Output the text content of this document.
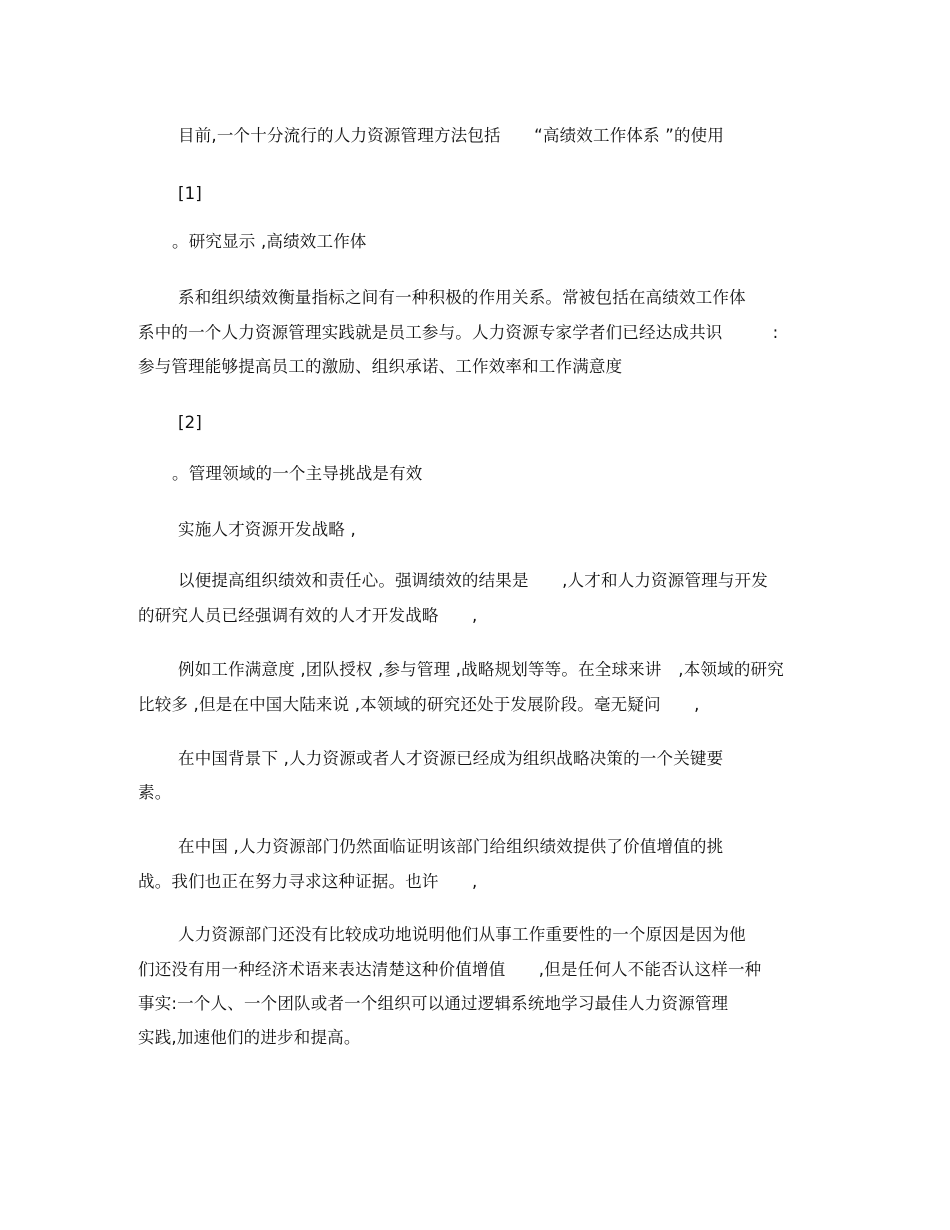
目前,一个十分流行的人力资源管理方法包括　　“高绩效工作体系 ”的使用
[1]
。研究显示 ,高绩效工作体
系和组织绩效衡量指标之间有一种积极的作用关系。常被包括在高绩效工作体
系中的一个人力资源管理实践就是员工参与。人力资源专家学者们已经达成共识　　　:
参与管理能够提高员工的激励、组织承诺、工作效率和工作满意度
[2]
。管理领域的一个主导挑战是有效
实施人才资源开发战略 ,
以便提高组织绩效和责任心。强调绩效的结果是　　,人才和人力资源管理与开发
的研究人员已经强调有效的人才开发战略　　,
例如工作满意度 ,团队授权 ,参与管理 ,战略规划等等。在全球来讲　,本领域的研究
比较多 ,但是在中国大陆来说 ,本领域的研究还处于发展阶段。毫无疑问　　,
在中国背景下 ,人力资源或者人才资源已经成为组织战略决策的一个关键要
素。
在中国 ,人力资源部门仍然面临证明该部门给组织绩效提供了价值增值的挑
战。我们也正在努力寻求这种证据。也许　　,
人力资源部门还没有比较成功地说明他们从事工作重要性的一个原因是因为他
们还没有用一种经济术语来表达清楚这种价值增值　　,但是任何人不能否认这样一种
事实:一个人、一个团队或者一个组织可以通过逻辑系统地学习最佳人力资源管理
实践,加速他们的进步和提高。
